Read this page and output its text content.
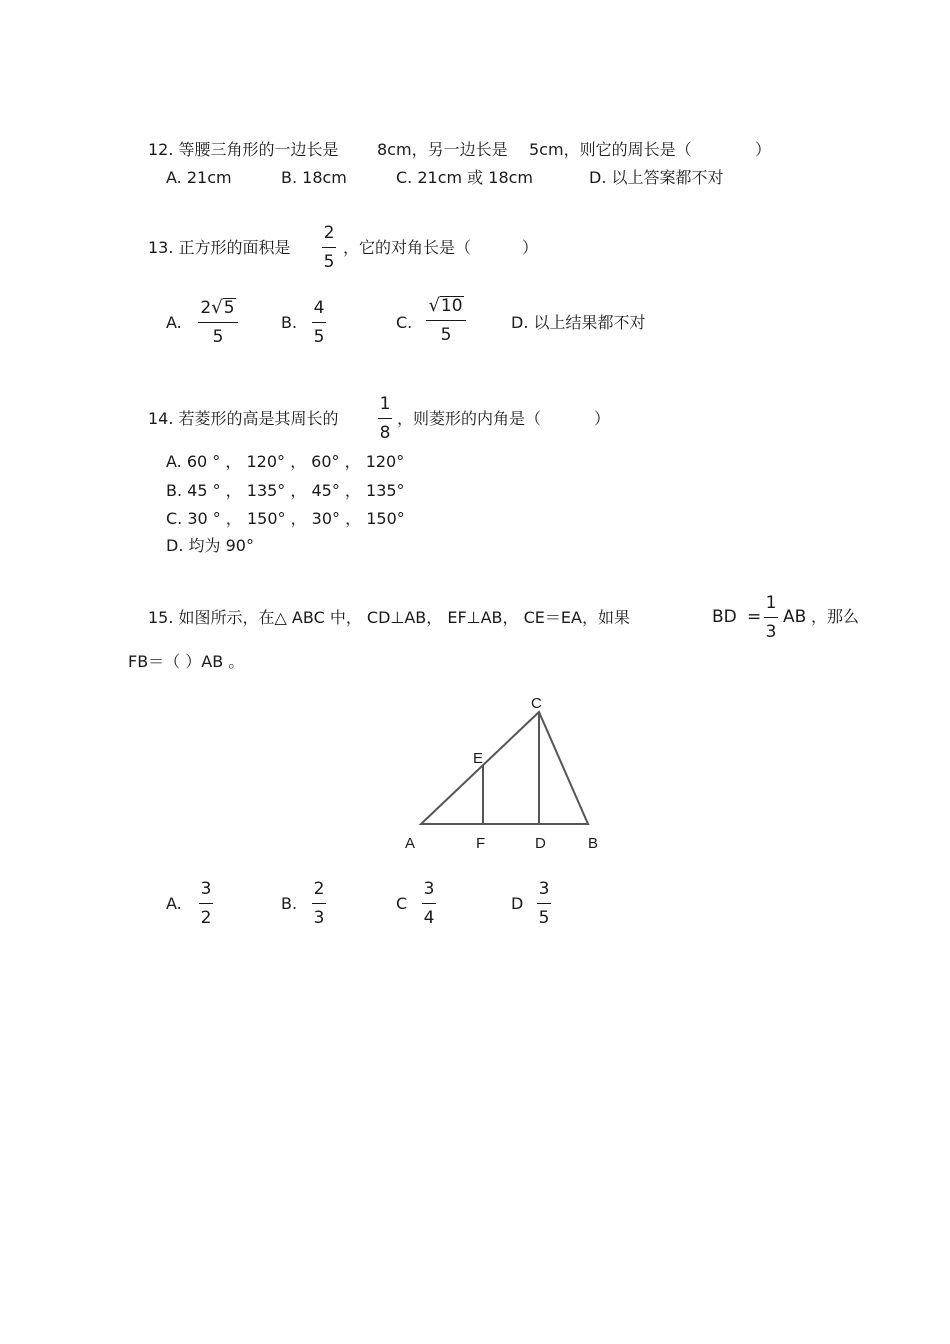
12. 等腰三角形的一边长是 8cm，另一边长是 5cm，则它的周长是（	）
A. 21cm	B. 18cm	C. 21cm 或 18cm	D. 以上答案都不对
13. 正方形的面积是
2
5
，它的对角长是（	）
A.
2 √ 5
5
B.
4
5
C.
√ 10
5
D. 以上结果都不对
14. 若菱形的高是其周长的
1
8
，则菱形的内角是（	）
A. 60 ° ， 120° ， 60° ， 120°
B. 45 ° ， 135° ， 45° ， 135°
C. 30 ° ， 150° ， 30° ， 150°
D. 均为 90°
15. 如图所示，在△ ABC 中， CD⊥AB， EF⊥AB， CE＝EA，如果	BD =
1
3
AB ，那么
FB＝（ ）AB 。
C
E
A	F	D	B
A.
3
2
B.
2
3
C
3
4
D
3
5
